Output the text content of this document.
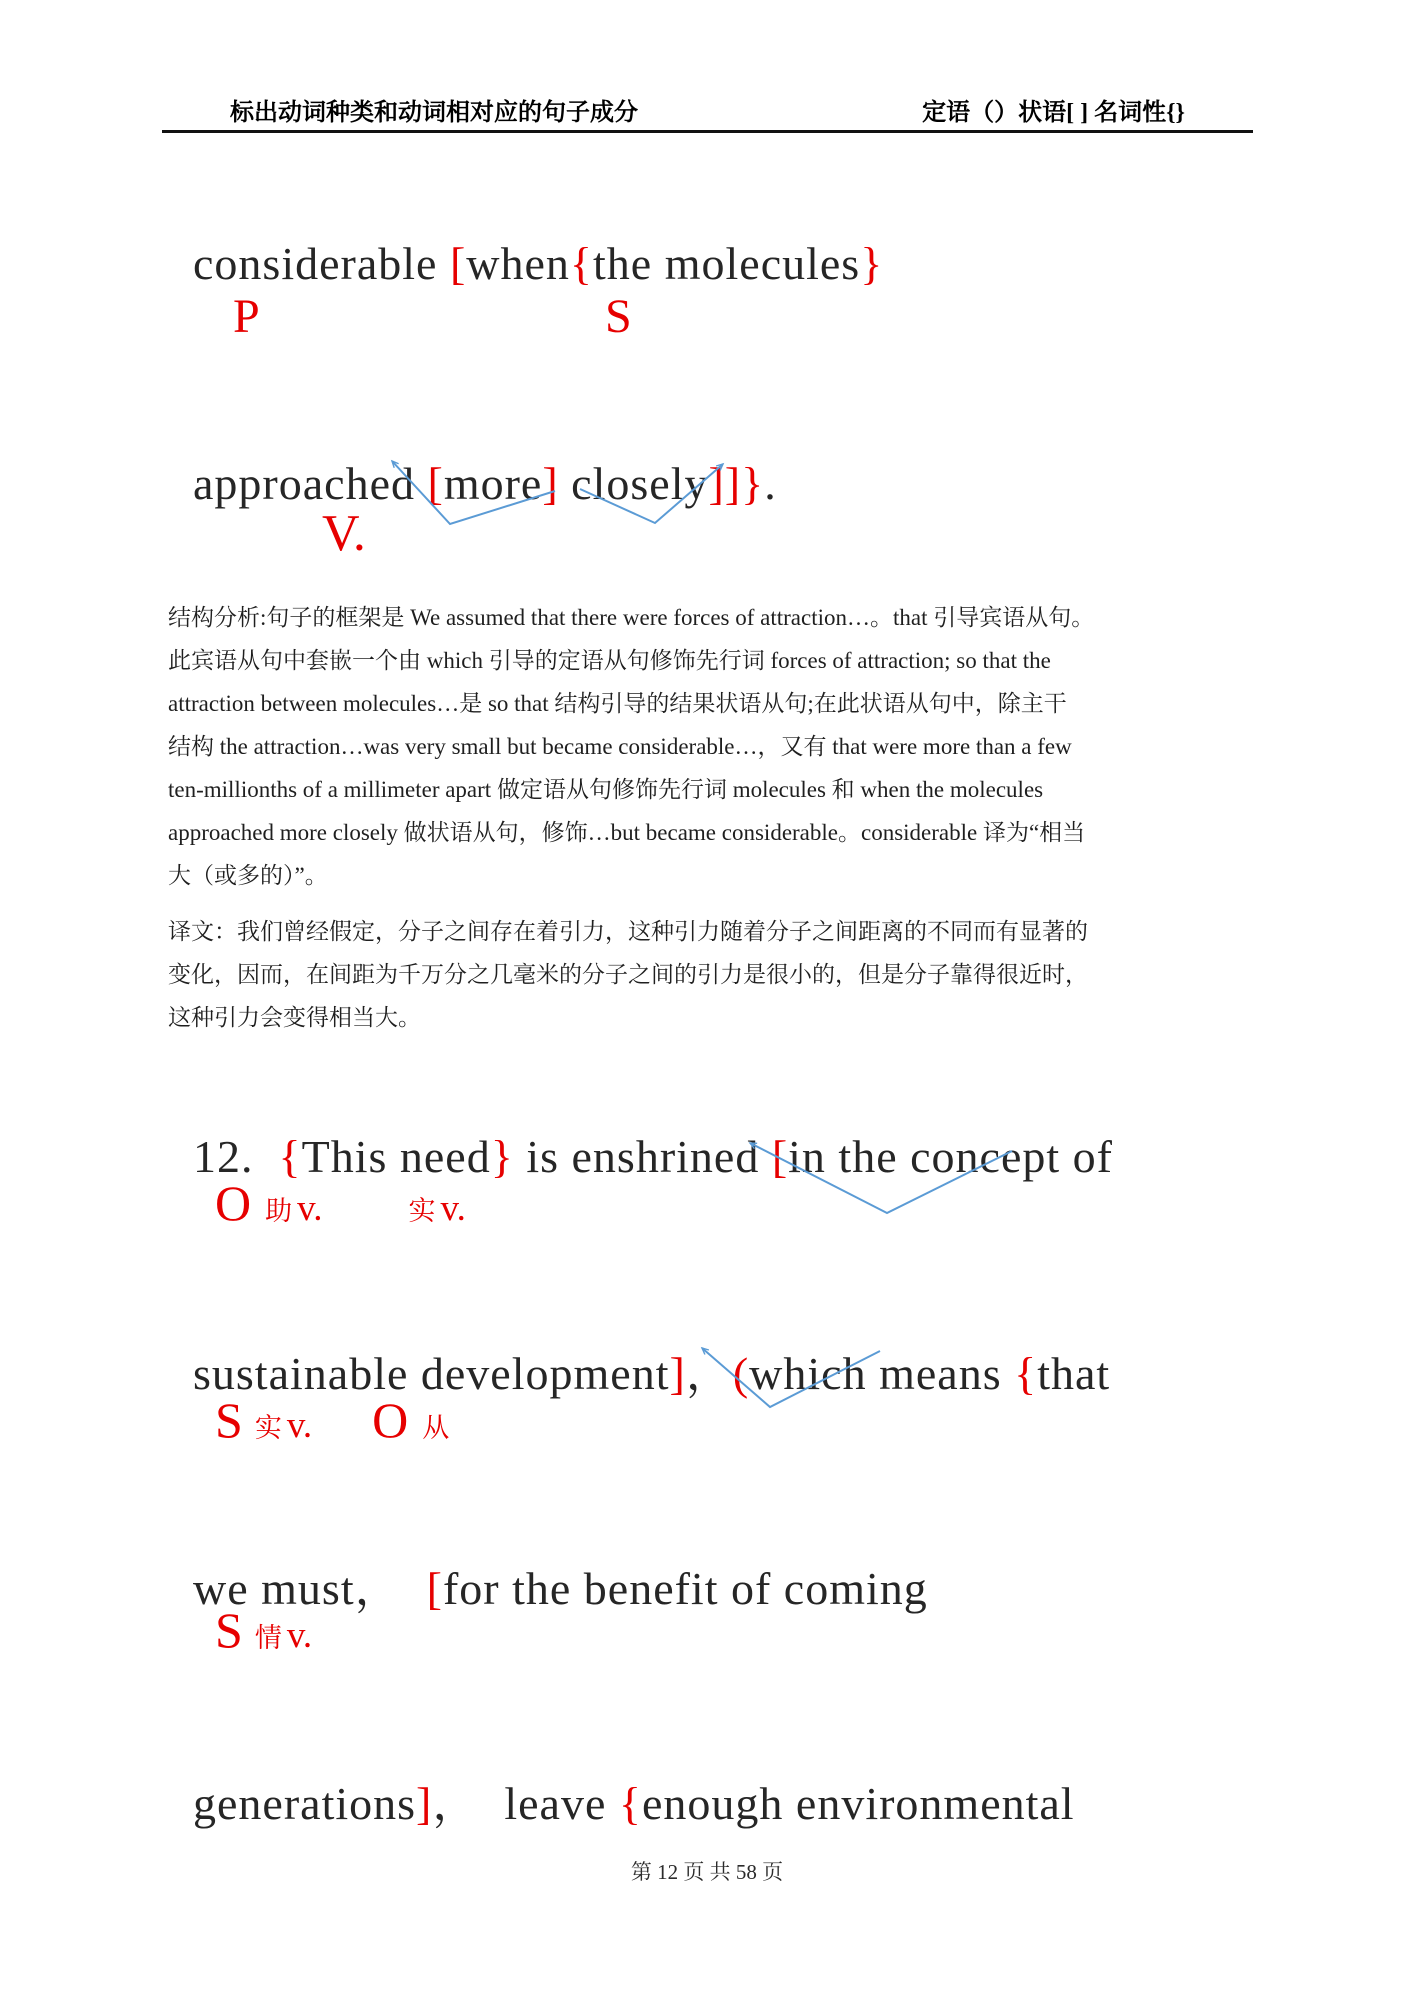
标出动词种类和动词相对应的句子成分	定语（）状语[ ] 名词性{}

considerable [when{the molecules}

P	S

approached [more] closely]]}.

V.
结构分析:句子的框架是 We assumed that there were forces of attraction…。that 引导宾语从句。
此宾语从句中套嵌一个由 which 引导的定语从句修饰先行词 forces of attraction; so that the
attraction between molecules…是 so that 结构引导的结果状语从句;在此状语从句中，除主干
结构 the attraction…was very small but became considerable…，又有 that were more than a few
ten-millionths of a millimeter apart 做定语从句修饰先行词 molecules 和 when the molecules
approached more closely 做状语从句，修饰…but became considerable。considerable 译为“相当
大（或多的）”。
译文：我们曾经假定，分子之间存在着引力，这种引力随着分子之间距离的不同而有显著的
变化，因而，在间距为千万分之几毫米的分子之间的引力是很小的，但是分子靠得很近时，
这种引力会变得相当大。

12.  {This need} is enshrined [in the concept of

O 助 v.	实 v.

sustainable development]，(which means {that

S 实 v. O 从

we must，  [for the benefit of coming

S 情 v.

generations]，  leave {enough environmental

第 12 页 共 58 页
